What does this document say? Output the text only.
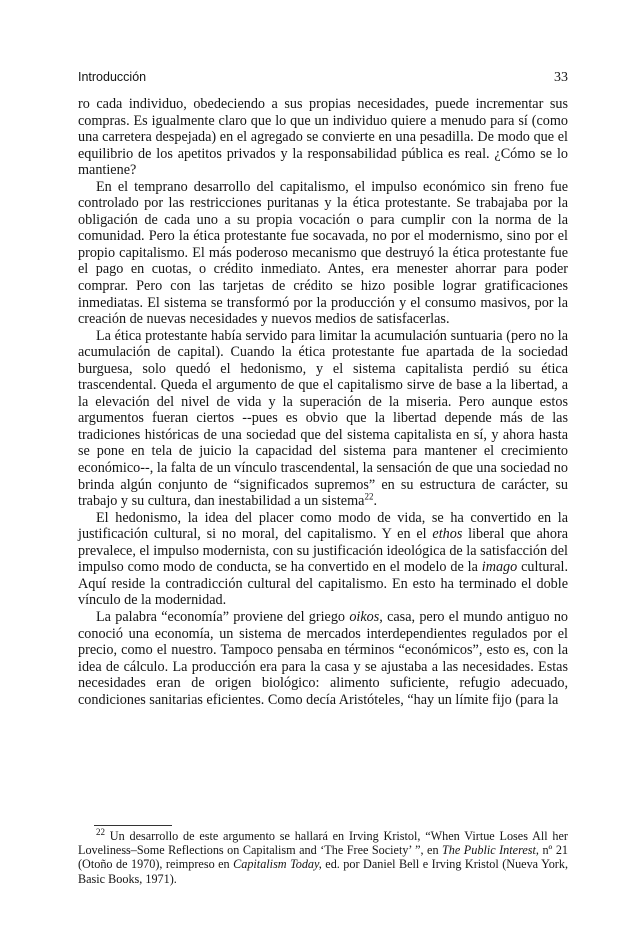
Introducción	33

ro cada individuo, obedeciendo a sus propias necesidades, puede incrementar sus compras. Es igualmente claro que lo que un individuo quiere a menudo para sí (como una carretera despejada) en el agregado se convierte en una pesadilla. De modo que el equilibrio de los apetitos privados y la responsabilidad pública es real. ¿Cómo se lo mantiene?

En el temprano desarrollo del capitalismo, el impulso económico sin freno fue controlado por las restricciones puritanas y la ética protestante. Se trabajaba por la obligación de cada uno a su propia vocación o para cumplir con la norma de la comunidad. Pero la ética protestante fue socavada, no por el modernismo, sino por el propio capitalismo. El más poderoso mecanismo que destruyó la ética protestante fue el pago en cuotas, o crédito inmediato. Antes, era menester ahorrar para poder comprar. Pero con las tarjetas de crédito se hizo posible lograr gratificaciones inmediatas. El sistema se transformó por la producción y el consumo masivos, por la creación de nuevas necesidades y nuevos medios de satisfacerlas.

La ética protestante había servido para limitar la acumulación suntuaria (pero no la acumulación de capital). Cuando la ética protestante fue apartada de la sociedad burguesa, solo quedó el hedonismo, y el sistema capitalista perdió su ética trascendental. Queda el argumento de que el capitalismo sirve de base a la libertad, a la elevación del nivel de vida y la superación de la miseria. Pero aunque estos argumentos fueran ciertos --pues es obvio que la libertad depende más de las tradiciones históricas de una sociedad que del sistema capitalista en sí, y ahora hasta se pone en tela de juicio la capacidad del sistema para mantener el crecimiento económico--, la falta de un vínculo trascendental, la sensación de que una sociedad no brinda algún conjunto de “significados supremos” en su estructura de carácter, su trabajo y su cultura, dan inestabilidad a un sistema$^{22}$.

El hedonismo, la idea del placer como modo de vida, se ha convertido en la justificación cultural, si no moral, del capitalismo. Y en el ethos liberal que ahora prevalece, el impulso modernista, con su justificación ideológica de la satisfacción del impulso como modo de conducta, se ha convertido en el modelo de la imago cultural. Aquí reside la contradicción cultural del capitalismo. En esto ha terminado el doble vínculo de la modernidad.

La palabra “economía” proviene del griego oikos, casa, pero el mundo antiguo no conoció una economía, un sistema de mercados interdependientes regulados por el precio, como el nuestro. Tampoco pensaba en términos “económicos”, esto es, con la idea de cálculo. La producción era para la casa y se ajustaba a las necesidades. Estas necesidades eran de origen biológico: alimento suficiente, refugio adecuado, condiciones sanitarias eficientes. Como decía Aristóteles, “hay un límite fijo (para la

$^{22}$ Un desarrollo de este argumento se hallará en Irving Kristol, “When Virtue Loses All her Loveliness–Some Reflections on Capitalism and ‘The Free Society’ ”, en The Public Interest, nº 21 (Otoño de 1970), reimpreso en Capitalism Today, ed. por Daniel Bell e Irving Kristol (Nueva York, Basic Books, 1971).
